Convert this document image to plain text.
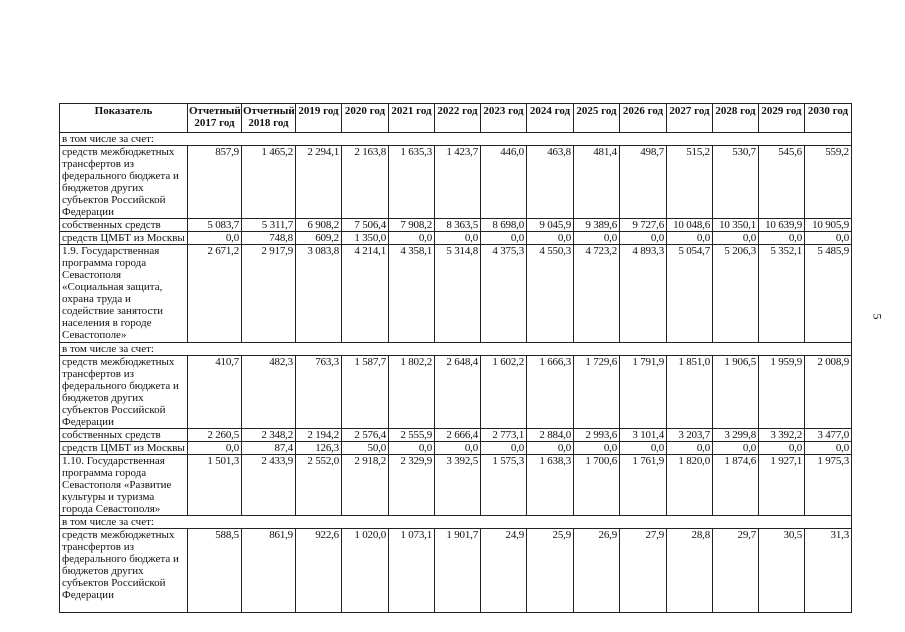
Показатель	Отчетный 2017 год	Отчетный 2018 год	2019 год	2020 год	2021 год	2022 год	2023 год	2024 год	2025 год	2026 год	2027 год	2028 год	2029 год	2030 год
в том числе за счет:														
средств межбюджетных трансфертов из федерального бюджета и бюджетов других субъектов Российской Федерации	857,9	1 465,2	2 294,1	2 163,8	1 635,3	1 423,7	446,0	463,8	481,4	498,7	515,2	530,7	545,6	559,2
собственных средств	5 083,7	5 311,7	6 908,2	7 506,4	7 908,2	8 363,5	8 698,0	9 045,9	9 389,6	9 727,6	10 048,6	10 350,1	10 639,9	10 905,9
средств ЦМБТ из Москвы	0,0	748,8	609,2	1 350,0	0,0	0,0	0,0	0,0	0,0	0,0	0,0	0,0	0,0	0,0
1.9. Государственная программа города Севастополя «Социальная защита, охрана труда и содействие занятости населения в городе Севастополе»	2 671,2	2 917,9	3 083,8	4 214,1	4 358,1	5 314,8	4 375,3	4 550,3	4 723,2	4 893,3	5 054,7	5 206,3	5 352,1	5 485,9
в том числе за счет:														
средств межбюджетных трансфертов из федерального бюджета и бюджетов других субъектов Российской Федерации	410,7	482,3	763,3	1 587,7	1 802,2	2 648,4	1 602,2	1 666,3	1 729,6	1 791,9	1 851,0	1 906,5	1 959,9	2 008,9
собственных средств	2 260,5	2 348,2	2 194,2	2 576,4	2 555,9	2 666,4	2 773,1	2 884,0	2 993,6	3 101,4	3 203,7	3 299,8	3 392,2	3 477,0
средств ЦМБТ из Москвы	0,0	87,4	126,3	50,0	0,0	0,0	0,0	0,0	0,0	0,0	0,0	0,0	0,0	0,0
1.10. Государственная программа города Севастополя «Развитие культуры и туризма города Севастополя»	1 501,3	2 433,9	2 552,0	2 918,2	2 329,9	3 392,5	1 575,3	1 638,3	1 700,6	1 761,9	1 820,0	1 874,6	1 927,1	1 975,3
в том числе за счет:														
средств межбюджетных трансфертов из федерального бюджета и бюджетов других субъектов Российской Федерации	588,5	861,9	922,6	1 020,0	1 073,1	1 901,7	24,9	25,9	26,9	27,9	28,8	29,7	30,5	31,3
5
